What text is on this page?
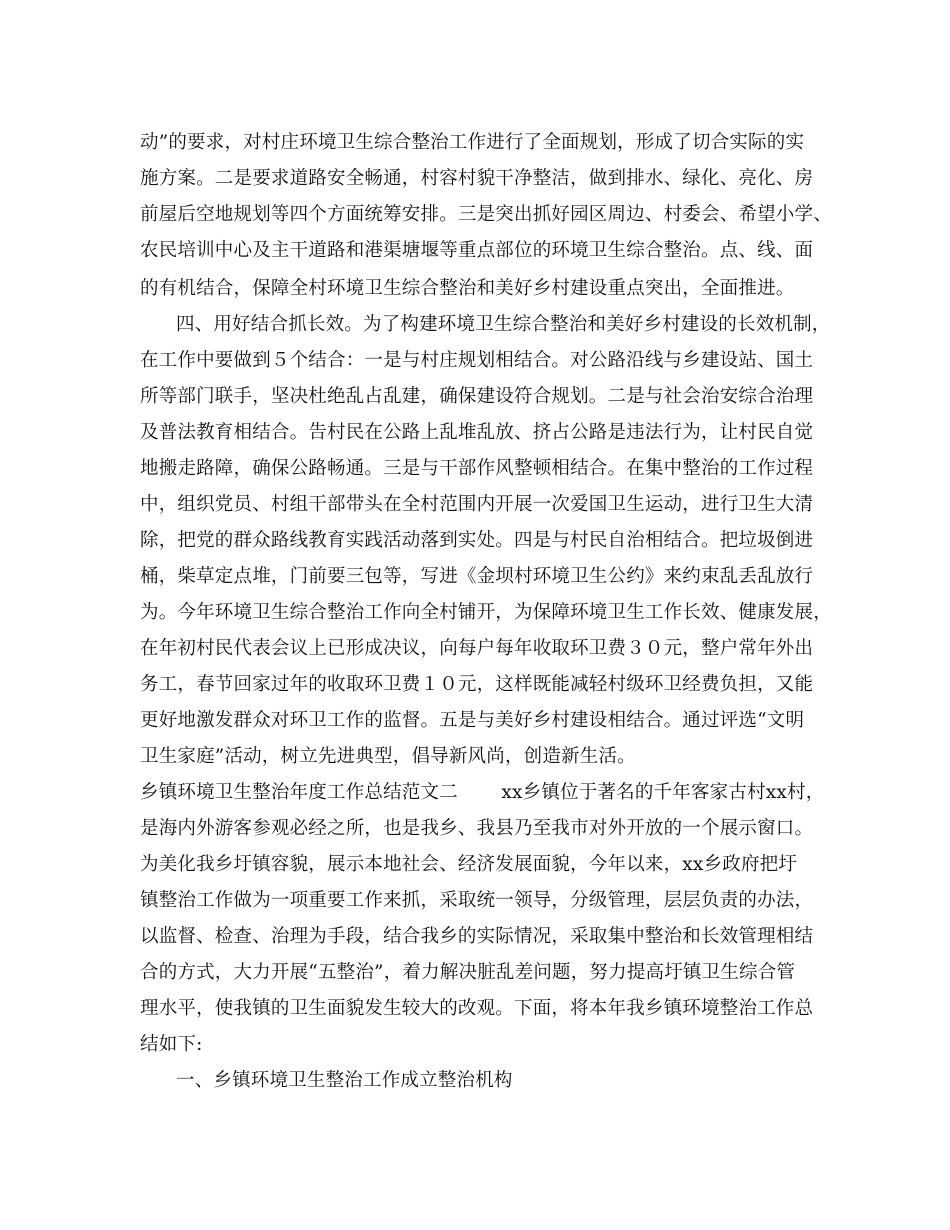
动”的要求，对村庄环境卫生综合整治工作进行了全面规划，形成了切合实际的实
施方案。二是要求道路安全畅通，村容村貌干净整洁，做到排水、绿化、亮化、房
前屋后空地规划等四个方面统筹安排。三是突出抓好园区周边、村委会、希望小学、
农民培训中心及主干道路和港渠塘堰等重点部位的环境卫生综合整治。点、线、面
的有机结合，保障全村环境卫生综合整治和美好乡村建设重点突出，全面推进。
四、用好结合抓长效。为了构建环境卫生综合整治和美好乡村建设的长效机制，
在工作中要做到５个结合：一是与村庄规划相结合。对公路沿线与乡建设站、国土
所等部门联手，坚决杜绝乱占乱建，确保建设符合规划。二是与社会治安综合治理
及普法教育相结合。告村民在公路上乱堆乱放、挤占公路是违法行为，让村民自觉
地搬走路障，确保公路畅通。三是与干部作风整顿相结合。在集中整治的工作过程
中，组织党员、村组干部带头在全村范围内开展一次爱国卫生运动，进行卫生大清
除，把党的群众路线教育实践活动落到实处。四是与村民自治相结合。把垃圾倒进
桶，柴草定点堆，门前要三包等，写进《金坝村环境卫生公约》来约束乱丢乱放行
为。今年环境卫生综合整治工作向全村铺开，为保障环境卫生工作长效、健康发展，
在年初村民代表会议上已形成决议，向每户每年收取环卫费３０元，整户常年外出
务工，春节回家过年的收取环卫费１０元，这样既能减轻村级环卫经费负担，又能
更好地激发群众对环卫工作的监督。五是与美好乡村建设相结合。通过评选“文明
卫生家庭”活动，树立先进典型，倡导新风尚，创造新生活。
乡镇环境卫生整治年度工作总结范文二　　 xx乡镇位于著名的千年客家古村xx村，
是海内外游客参观必经之所，也是我乡、我县乃至我市对外开放的一个展示窗口。
为美化我乡圩镇容貌，展示本地社会、经济发展面貌，今年以来，xx乡政府把圩
镇整治工作做为一项重要工作来抓，采取统一领导，分级管理，层层负责的办法，
以监督、检查、治理为手段，结合我乡的实际情况，采取集中整治和长效管理相结
合的方式，大力开展“五整治”，着力解决脏乱差问题，努力提高圩镇卫生综合管
理水平，使我镇的卫生面貌发生较大的改观。下面，将本年我乡镇环境整治工作总
结如下:
一、乡镇环境卫生整治工作成立整治机构
